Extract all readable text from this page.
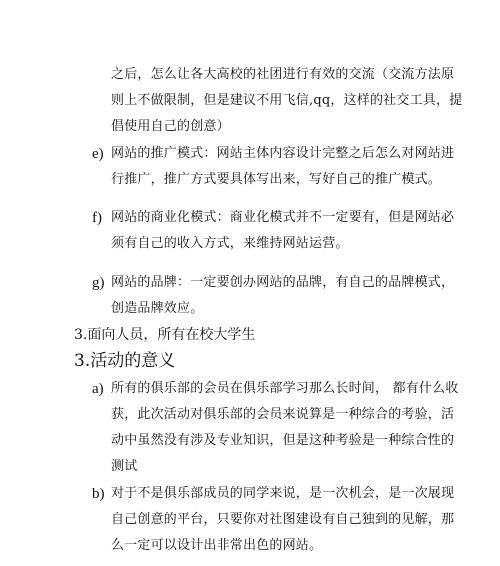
之后，怎么让各大高校的社团进行有效的交流（交流方法原
则上不做限制，但是建议不用飞信,qq，这样的社交工具，提
倡使用自己的创意）
e) 网站的推广模式：网站主体内容设计完整之后怎么对网站进
行推广，推广方式要具体写出来，写好自己的推广模式。
f) 网站的商业化模式：商业化模式并不一定要有，但是网站必
须有自己的收入方式，来维持网站运营。
g) 网站的品牌：一定要创办网站的品牌，有自己的品牌模式，
创造品牌效应。
3.面向人员，所有在校大学生
3.活动的意义
a) 所有的俱乐部的会员在俱乐部学习那么长时间， 都有什么收
获，此次活动对俱乐部的会员来说算是一种综合的考验，活
动中虽然没有涉及专业知识，但是这种考验是一种综合性的
测试
b) 对于不是俱乐部成员的同学来说，是一次机会，是一次展现
自己创意的平台，只要你对社图建设有自己独到的见解，那
么一定可以设计出非常出色的网站。
